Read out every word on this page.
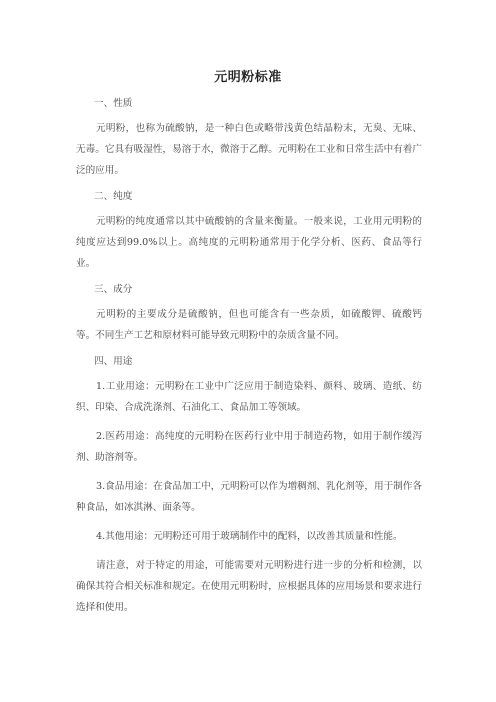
元明粉标准
一、性质

元明粉，也称为硫酸钠，是一种白色或略带浅黄色结晶粉末，无臭、无味、无毒。它具有吸湿性，易溶于水，微溶于乙醇。元明粉在工业和日常生活中有着广泛的应用。

二、纯度

元明粉的纯度通常以其中硫酸钠的含量来衡量。一般来说，工业用元明粉的纯度应达到99.0%以上。高纯度的元明粉通常用于化学分析、医药、食品等行业。

三、成分

元明粉的主要成分是硫酸钠，但也可能含有一些杂质，如硫酸钾、硫酸钙等。不同生产工艺和原材料可能导致元明粉中的杂质含量不同。

四、用途

1.工业用途：元明粉在工业中广泛应用于制造染料、颜料、玻璃、造纸、纺织、印染、合成洗涤剂、石油化工、食品加工等领域。

2.医药用途：高纯度的元明粉在医药行业中用于制造药物，如用于制作缓泻剂、助溶剂等。

3.食品用途：在食品加工中，元明粉可以作为增稠剂、乳化剂等，用于制作各种食品，如冰淇淋、面条等。

4.其他用途：元明粉还可用于玻璃制作中的配料，以改善其质量和性能。

请注意，对于特定的用途，可能需要对元明粉进行进一步的分析和检测，以确保其符合相关标准和规定。在使用元明粉时，应根据具体的应用场景和要求进行选择和使用。
